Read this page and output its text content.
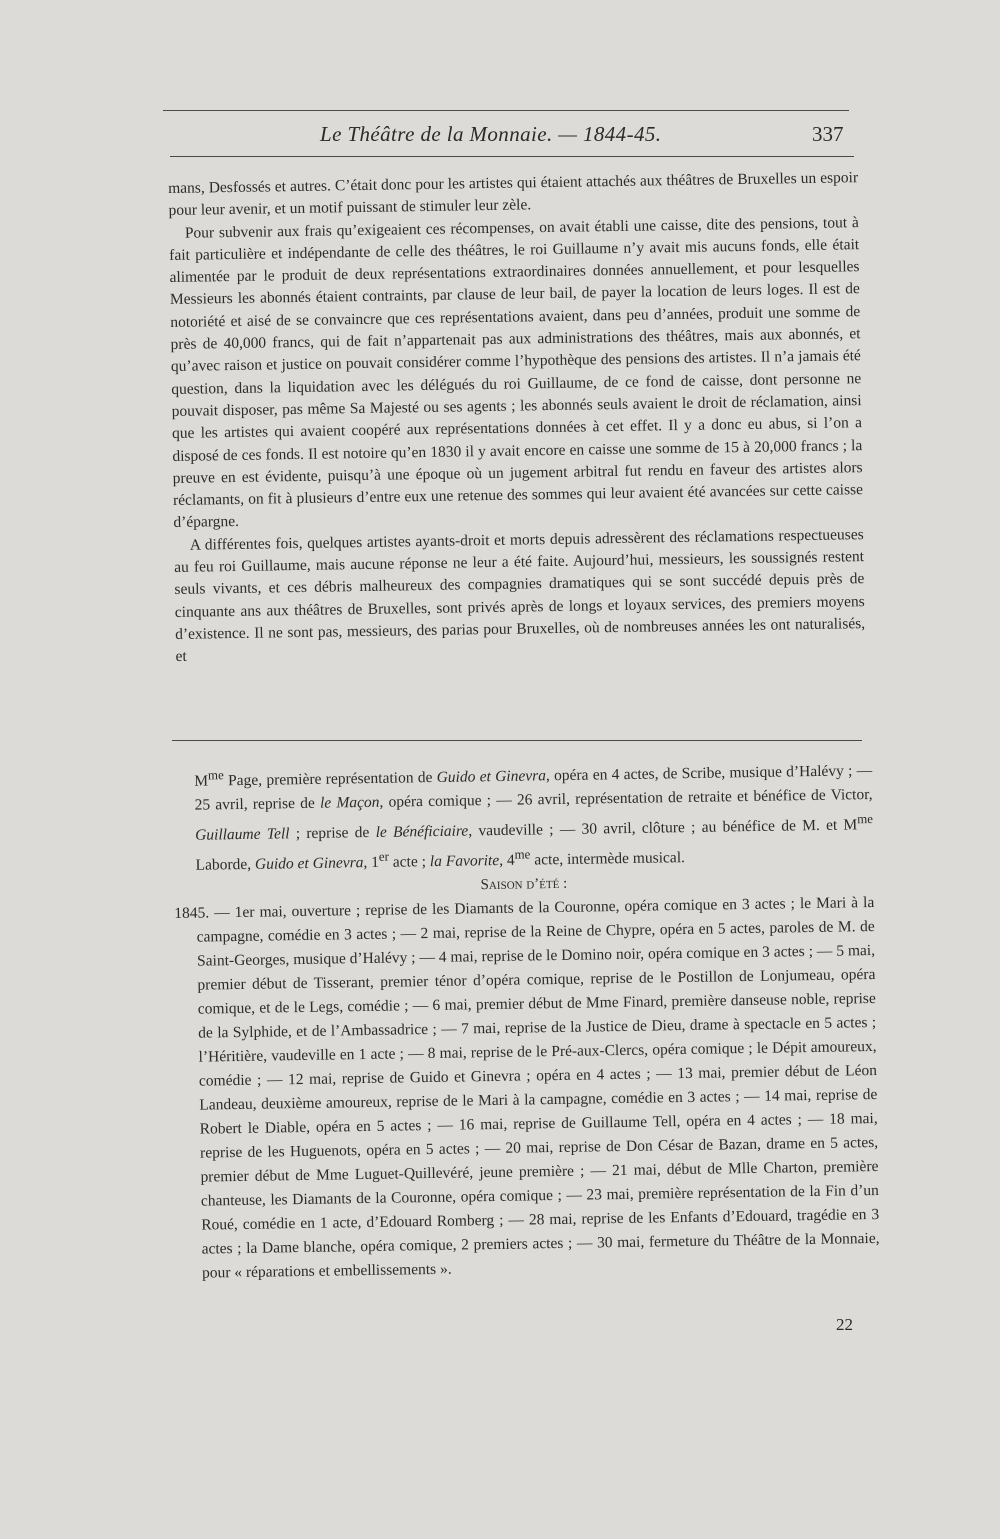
Le Théâtre de la Monnaie. — 1844-45.	337

mans, Desfossés et autres. C’était donc pour les artistes qui étaient attachés aux théâtres de Bruxelles un espoir pour leur avenir, et un motif puissant de stimuler leur zèle.

Pour subvenir aux frais qu’exigeaient ces récompenses, on avait établi une caisse, dite des pensions, tout à fait particulière et indépendante de celle des théâtres, le roi Guillaume n’y avait mis aucuns fonds, elle était alimentée par le produit de deux représentations extraordinaires données annuellement, et pour lesquelles Messieurs les abonnés étaient contraints, par clause de leur bail, de payer la location de leurs loges. Il est de notoriété et aisé de se convaincre que ces représentations avaient, dans peu d’années, produit une somme de près de 40,000 francs, qui de fait n’appartenait pas aux administrations des théâtres, mais aux abonnés, et qu’avec raison et justice on pouvait considérer comme l’hypothèque des pensions des artistes. Il n’a jamais été question, dans la liquidation avec les délégués du roi Guillaume, de ce fond de caisse, dont personne ne pouvait disposer, pas même Sa Majesté ou ses agents ; les abonnés seuls avaient le droit de réclamation, ainsi que les artistes qui avaient coopéré aux représentations données à cet effet. Il y a donc eu abus, si l’on a disposé de ces fonds. Il est notoire qu’en 1830 il y avait encore en caisse une somme de 15 à 20,000 francs ; la preuve en est évidente, puisqu’à une époque où un jugement arbitral fut rendu en faveur des artistes alors réclamants, on fit à plusieurs d’entre eux une retenue des sommes qui leur avaient été avancées sur cette caisse d’épargne.

A différentes fois, quelques artistes ayants-droit et morts depuis adressèrent des réclamations respectueuses au feu roi Guillaume, mais aucune réponse ne leur a été faite. Aujourd’hui, messieurs, les soussignés restent seuls vivants, et ces débris malheureux des compagnies dramatiques qui se sont succédé depuis près de cinquante ans aux théâtres de Bruxelles, sont privés après de longs et loyaux services, des premiers moyens d’existence. Il ne sont pas, messieurs, des parias pour Bruxelles, où de nombreuses années les ont naturalisés, et

$M^{me}$ Page, première représentation de Guido et Ginevra, opéra en 4 actes, de Scribe, musique d’Halévy ; — 25 avril, reprise de le Maçon, opéra comique ; — 26 avril, représentation de retraite et bénéfice de Victor, Guillaume Tell ; reprise de le Bénéficiaire, vaudeville ; — 30 avril, clôture ; au bénéfice de M. et $M^{me}$ Laborde, Guido et Ginevra, 1er acte ; la Favorite, $4^{me}$ acte, intermède musical.

Saison d’été :

1845. — 1er mai, ouverture ; reprise de les Diamants de la Couronne, opéra comique en 3 actes ; le Mari à la campagne, comédie en 3 actes ; — 2 mai, reprise de la Reine de Chypre, opéra en 5 actes, paroles de M. de Saint-Georges, musique d’Halévy ; — 4 mai, reprise de le Domino noir, opéra comique en 3 actes ; — 5 mai, premier début de Tisserant, premier ténor d’opéra comique, reprise de le Postillon de Lonjumeau, opéra comique, et de le Legs, comédie ; — 6 mai, premier début de Mme Finard, première danseuse noble, reprise de la Sylphide, et de l’Ambassadrice ; — 7 mai, reprise de la Justice de Dieu, drame à spectacle en 5 actes ; l’Héritière, vaudeville en 1 acte ; — 8 mai, reprise de le Pré-aux-Clercs, opéra comique ; le Dépit amoureux, comédie ; — 12 mai, reprise de Guido et Ginevra ; opéra en 4 actes ; — 13 mai, premier début de Léon Landeau, deuxième amoureux, reprise de le Mari à la campagne, comédie en 3 actes ; — 14 mai, reprise de Robert le Diable, opéra en 5 actes ; — 16 mai, reprise de Guillaume Tell, opéra en 4 actes ; — 18 mai, reprise de les Huguenots, opéra en 5 actes ; — 20 mai, reprise de Don César de Bazan, drame en 5 actes, premier début de Mme Luguet-Quillevéré, jeune première ; — 21 mai, début de Mlle Charton, première chanteuse, les Diamants de la Couronne, opéra comique ; — 23 mai, première représentation de la Fin d’un Roué, comédie en 1 acte, d’Edouard Romberg ; — 28 mai, reprise de les Enfants d’Edouard, tragédie en 3 actes ; la Dame blanche, opéra comique, 2 premiers actes ; — 30 mai, fermeture du Théâtre de la Monnaie, pour « réparations et embellissements ».

22
